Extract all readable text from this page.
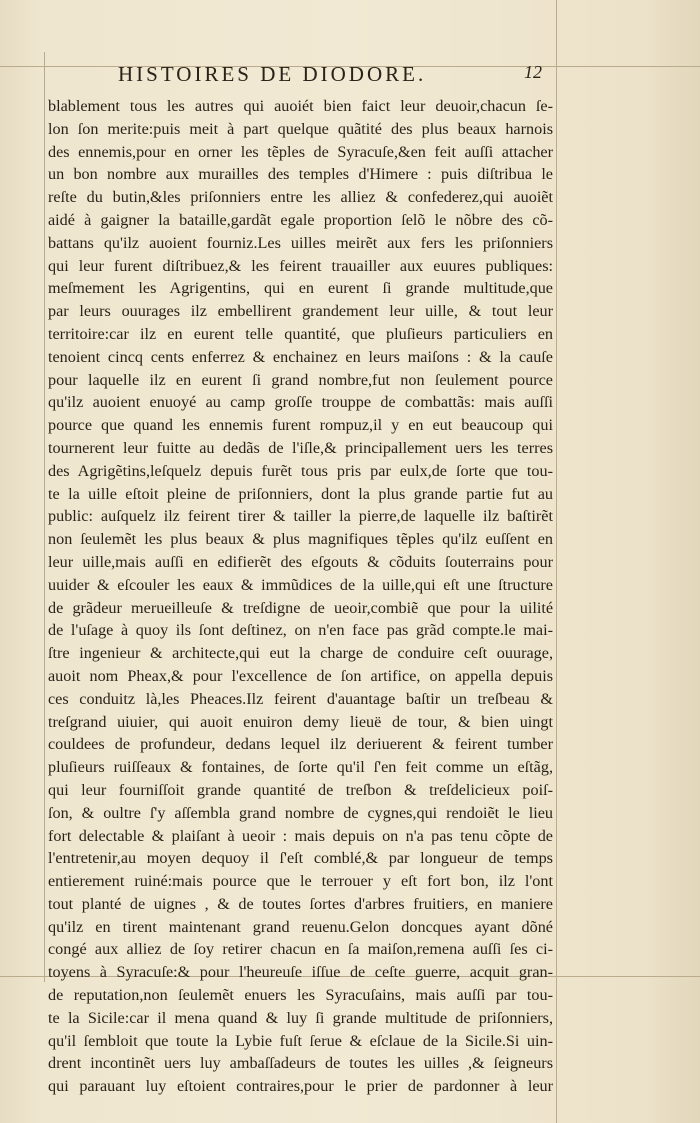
HISTOIRES DE DIODORE.	12
blablement tous les autres qui auoiét bien faict leur deuoir,chacun ſe-
lon ſon merite:puis meit à part quelque quãtité des plus beaux harnois
des ennemis,pour en orner les tẽples de Syracuſe,&en feit auſſi attacher
un bon nombre aux murailles des temples d'Himere : puis diſtribua le
reſte du butin,&les priſonniers entre les alliez & confederez,qui auoiẽt
aidé à gaigner la bataille,gardãt egale proportion ſelõ le nõbre des cõ-
battans qu'ilz auoient fourniz.Les uilles meirẽt aux fers les priſonniers
qui leur furent diſtribuez,& les feirent trauailler aux euures publiques:
meſmement les Agrigentins, qui en eurent ſi grande multitude,que
par leurs ouurages ilz embellirent grandement leur uille, & tout leur
territoire:car ilz en eurent telle quantité, que pluſieurs particuliers en
tenoient cincq cents enferrez & enchainez en leurs maiſons : & la cauſe
pour laquelle ilz en eurent ſi grand nombre,fut non ſeulement pource
qu'ilz auoient enuoyé au camp groſſe trouppe de combattãs: mais auſſi
pource que quand les ennemis furent rompuz,il y en eut beaucoup qui
tournerent leur fuitte au dedãs de l'iſle,& principallement uers les terres
des Agrigẽtins,leſquelz depuis furẽt tous pris par eulx,de ſorte que tou-
te la uille eſtoit pleine de priſonniers, dont la plus grande partie fut au
public: auſquelz ilz feirent tirer & tailler la pierre,de laquelle ilz baſtirẽt
non ſeulemẽt les plus beaux & plus magnifiques tẽples qu'ilz euſſent en
leur uille,mais auſſi en edifierẽt des eſgouts & cõduits ſouterrains pour
uuider & eſcouler les eaux & immũdices de la uille,qui eſt une ſtructure
de grãdeur merueilleuſe & treſdigne de ueoir,combiẽ que pour la uilité
de l'uſage à quoy ils ſont deſtinez, on n'en face pas grãd compte.le mai-
ſtre ingenieur & architecte,qui eut la charge de conduire ceſt ouurage,
auoit nom Pheax,& pour l'excellence de ſon artifice, on appella depuis
ces conduitz là,les Pheaces.Ilz feirent d'auantage baſtir un treſbeau &
treſgrand uiuier, qui auoit enuiron demy lieuë de tour, & bien uingt
couldees de profundeur, dedans lequel ilz deriuerent & feirent tumber
pluſieurs ruiſſeaux & fontaines, de ſorte qu'il ſ'en feit comme un eſtãg,
qui leur fourniſſoit grande quantité de treſbon & treſdelicieux poiſ-
ſon, & oultre ſ'y aſſembla grand nombre de cygnes,qui rendoiẽt le lieu
fort delectable & plaiſant à ueoir : mais depuis on n'a pas tenu cõpte de
l'entretenir,au moyen dequoy il ſ'eſt comblé,& par longueur de temps
entierement ruiné:mais pource que le terrouer y eſt fort bon, ilz l'ont
tout planté de uignes , & de toutes ſortes d'arbres fruitiers, en maniere
qu'ilz en tirent maintenant grand reuenu.Gelon doncques ayant dõné
congé aux alliez de ſoy retirer chacun en ſa maiſon,remena auſſi ſes ci-
toyens à Syracuſe:& pour l'heureuſe iſſue de ceſte guerre, acquit gran-
de reputation,non ſeulemẽt enuers les Syracuſains, mais auſſi par tou-
te la Sicile:car il mena quand & luy ſi grande multitude de priſonniers,
qu'il ſembloit que toute la Lybie fuſt ſerue & eſclaue de la Sicile.Si uin-
drent incontinẽt uers luy ambaſſadeurs de toutes les uilles ,& ſeigneurs
qui parauant luy eſtoient contraires,pour le prier de pardonner à leur
